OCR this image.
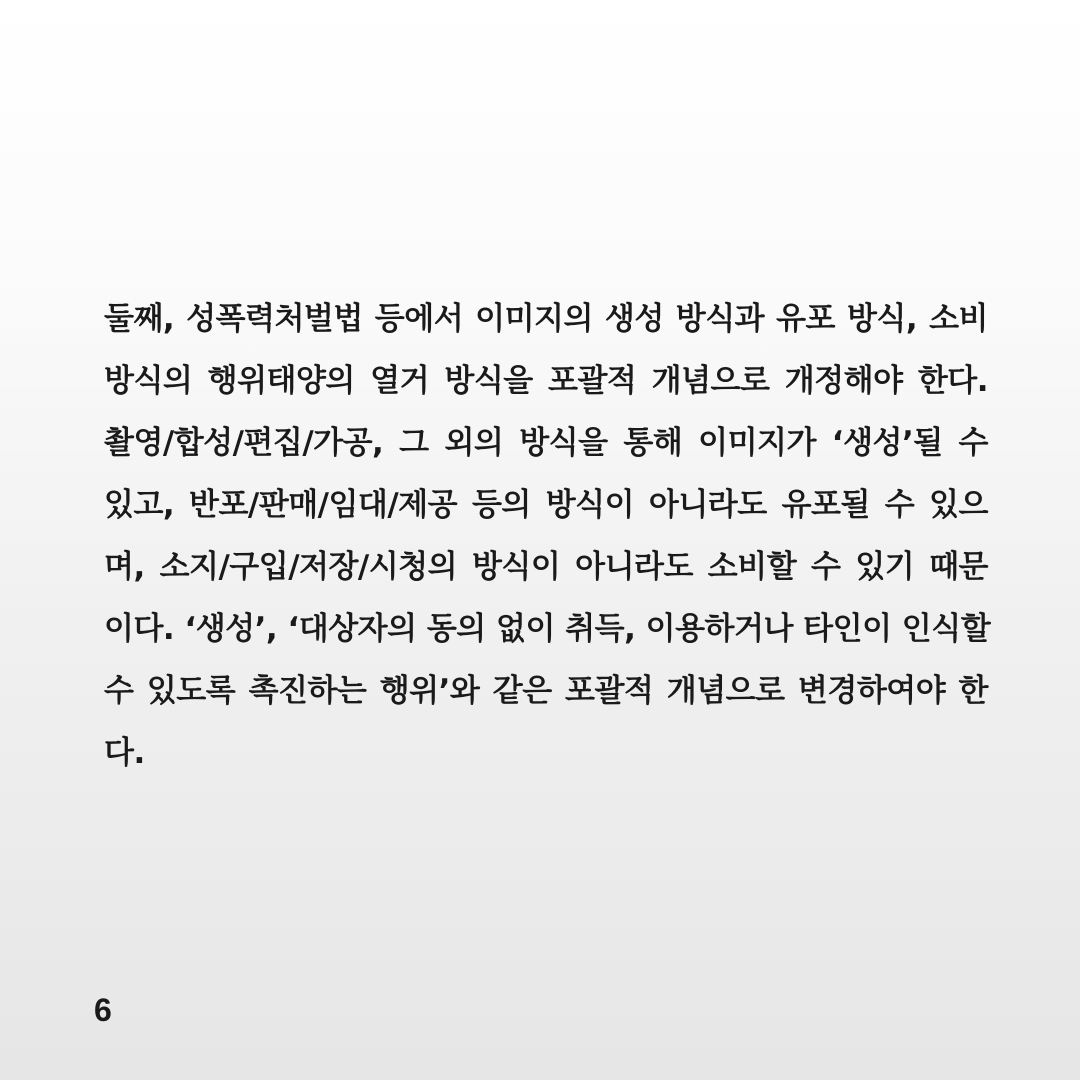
둘째, 성폭력처벌법 등에서 이미지의 생성 방식과 유포 방식, 소비
방식의 행위태양의 열거 방식을 포괄적 개념으로 개정해야 한다.
촬영/합성/편집/가공, 그 외의 방식을 통해 이미지가 ‘생성’될 수
있고, 반포/판매/임대/제공 등의 방식이 아니라도 유포될 수 있으
며, 소지/구입/저장/시청의 방식이 아니라도 소비할 수 있기 때문
이다. ‘생성’, ‘대상자의 동의 없이 취득, 이용하거나 타인이 인식할
수 있도록 촉진하는 행위’와 같은 포괄적 개념으로 변경하여야 한
다.
6
